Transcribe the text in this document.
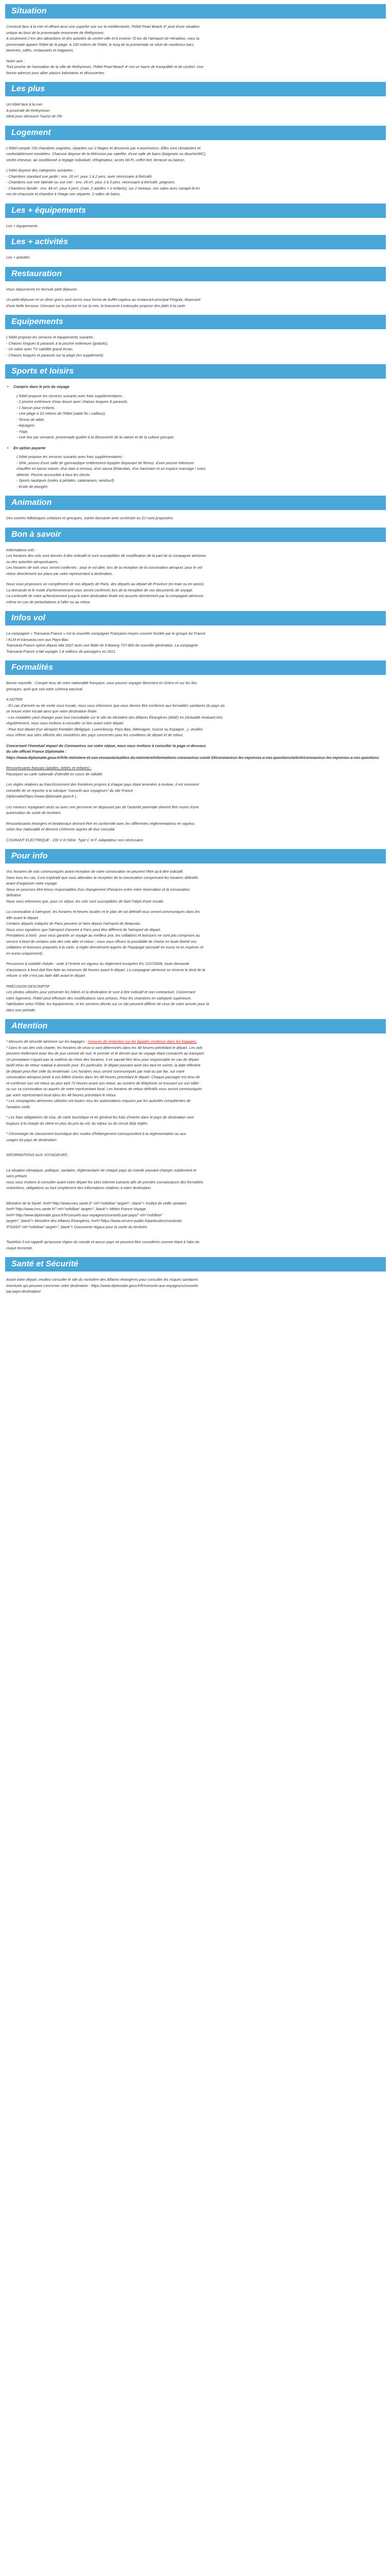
Situation

Construit face à la mer et offrant ainsi une superbe vue sur la méditerranée, l'hôtel Pearl Beach 4* jouit d'une situation
unique au bout de la promenade renommée de Rethymnon.
A seulement 2 km des attractions et des activités du centre-ville et à environ 70 km de l'aéroport de Héraklion, vous la
promenade appare l'hôtel de la plage. A 100 mètres de l'hôtel, le long de la promenade se situe de nombreux bars,
tavernes, cafés, restaurants et magasins.

Notre avis :
Tout proche de l'animation de la ville de Rethymnon, l'hôtel Pearl Beach 4* est un havre de tranquillité et de confort. Une
bonne adresse pour allier plaisirs balnéaires et découvertes.

Les plus

Un hôtel face à la mer
A proximité de Rethymnon
Idéal pour découvrir l'ouest de l'île

Logement

L'hôtel compte 150 chambres soignées, réparties sur 2 étages et desservis par 4 ascenseurs. Elles sont climatisées et
confortablement meublées. Chacune dispose de la télévision par satellite, d'une salle de bains (baignoire ou douche/WC),
sèche-cheveux, air conditionné à réglage individuel, réfrigérateur, accès Wi-Fi, coffre-fort, terrasse ou balcon.

L'hôtel dispose des catégories suivantes :
- Chambres standard vue jardin : env. 26 m², pour 1 à 2 pers. avec nécessaire à thé/café.
- Chambres vue mer latérale ou vue mer : env. 26 m², pour 2 à 3 pers. nécessaire à thé/café, peignoirs.
- Chambres famille : env. 48 m², pour 4 pers. (max. 2 adultes + 2 enfants), sur 2 niveaux, son salon avec canapé-lit en
rez-de-chaussée et chambre à l'étage non séparée, 2 salles de bains.

Les + équipements

Les + équipements

Les + activités

Les + activités

Restauration

Vous séjournerez en formule petit déjeuner.

Un petit-déjeuner et un dîner grecs sont servis sous forme de buffet copieux au restaurant principal Pergola, disposant
d'une belle terrasse. Donnant sur la piscine et sur la mer, la brasserie Leukosyke propose des plats à la carte.

Equipements

L'hôtel propose les services et équipements suivants :
- Chaises longues & parasols à la piscine extérieure (gratuits),
- Un salon avec TV satellite grand écran,
- Chaises longues et parasols sur la plage (en supplément).

Sports et loisirs
• Compris dans le prix du voyage

L'hôtel propose les services suivants avec frais supplémentaires :
- 1 piscine extérieure d'eau douce avec chaises longues & parasols,
- 1 bassin pour enfants,
- Une plage à 10 mètres de l'hôtel (sable fin / cailloux),
- Tennis de table,
- Aquagym,
- Yoga,
- Une fois par semaine, promenade guidée à la découverte de la nature et de la culture grecque.

• En option payante

L'hôtel propose les services suivants avec frais supplémentaires :
- SPA, pourvu d'une salle de gymnastique entièrement équipée disposant de fitness, d'une piscine intérieure
chauffée en basse saison, d'un bain à remous, d'un sauna (finlandais, d'un hammam et un espace massage / soins
détente. Piscine accessible à tous les clients.
- Sports nautiques (voiles à pédales, catamarans, windsurf).
- Ecole de plongée.

Animation

Des soirées folkloriques crétoises et grecques, soirée dansante avec orchestre ou DJ sont proposées.

Bon à savoir

Informations vols :
Les horaires des vols sont donnés à titre indicatif et sont susceptibles de modification de la part de la compagnie aérienne
ou des autorités aéroportuaires.
Les horaires de vols vous seront confirmés : pour le vol aller, lors de la réception de la convocation aéroport, pour le vol
retour directement sur place par votre représentant à destination.

Nous vous proposons un complément de nos départs de Paris, des départs au départ de Province (en train ou en avion).
La demande et le mode d'acheminement vous seront confirmés lors de la réception de vos documents de voyage.
La continuité de votre acheminement jusqu'à votre destination finale est assurée directement par la compagnie aérienne,
même en cas de perturbations à l'aller ou au retour.

Infos vol

La compagnie « Transavia France » est la nouvelle compagnie Française moyen courrier fondée par le groupe Air France
/ KLM et transavia.com aux Pays-Bas.
Transavia France opère depuis Mai 2007 avec une flotte de 8 Boeing 737-800 de nouvelle génération. La compagnie
Transavia France a fait voyager 1,8 millions de passagers en 2011.

Formalités

Bonne nouvelle : Compte tenu de votre nationalité française, vous pouvez voyager librement en Grèce et sur les îles
grecques, quel que soit votre schéma vaccinal.

A NOTER
- En cas d'arrivée ou de sortie sous escale, nous vous informons que vous devrez être conforme aux formalités sanitaires du pays où
se trouve votre escale ainsi que votre destination finale.
- Les modalités peut changer pour tout consultable sur le site du Ministère des Affaires Étrangères (MAE) en (Actualité évoluant très
régulièrement, nous vous invitons à consulter ce lien avant votre départ.
- Pour tout départ d'un aéroport frontalier (Belgique, Luxembourg, Pays-Bas, Allemagne, Suisse ou Espagne...), veuillez
vous référer aux sites officiels des ministères des pays concernés pour les conditions de départ et de retour.

Concernant l'éventuel impact du Coronavirus sur votre séjour, nous vous invitons à consulter la page ci-dessous
du site officiel France Diplomatie :
https://www.diplomatie.gouv.fr/fr/le-ministere-et-son-reseau/actualites-du-ministere/informations-coronavirus-covid-19/coronavirus-les-reponses-a-vos-questions/article/coronavirus-les-reponses-a-vos-questions

Ressortissants français (adultes, bébés et enfants) :
Passeport ou carte nationale d'identité en cours de validité.

Les règles relatives au franchissement des frontières propres à chaque pays étant amenées à évoluer, il est vivement
conseillé de se reporter à la rubrique "conseils aux voyageurs" du site France
Diplomatie(https://www.diplomatie.gouv.fr ).

Les mineurs voyageant seuls ou avec une personne ne disposant pas de l'autorité parentale doivent être munis d'une
autorisation de sortie de territoire.

Ressortissants étrangers et binationaux devront être en conformité avec les différentes réglementations en vigueur,
selon leur nationalité et devront s'informer auprès de leur consulat.

COURANT ELECTRIQUE : 230 V et 50Hz. Type C et F. Adaptateur non nécessaire.

Pour info

Vos horaires de vols communiqués avant réception de votre convocation ne peuvent l'être qu'à titre indicatif.
Dans tous les cas, il est impératif que vous attendiez la réception de la convocation comprenant les horaires définitifs
avant d'organiser votre voyage.
Nous ne pourrons être tenus responsables d'un changement d'horaires entre votre réservation et la convocation
définitive.
Nous vous informons que, pour ce séjour, les vols sont susceptibles de faire l'objet d'une escale.

La convocation à l'aéroport, les horaires et heures locales et le plan de vol définitif vous seront communiqués dans les
48h avant le départ.
Certains départs indiqués de Paris peuvent se faire depuis l'aéroport de Beauvais.
Nous vous signalons que l'aéroport d'arrivée à Paris peut être différent de l'aéroport de départ.
Prestations à bord : pour vous garantir un voyage au meilleur prix, les collations et boissons ne sont pas comprises au
service à bord de certains vols des vols aller et retour ; nous vous offrons la possibilité de choisir en toute liberté vos
collations et boissons proposés à la carte, à régler directement auprès de l'équipage (accepté en euros et en espèces et
en euros uniquement).

Personnes à mobilité réduite : suite à l'entrée en vigueur du règlement européen EU 1107/2006, toute demande
d'assistance à bord doit être faite au minimum 48 heures avant le départ. La compagnie aérienne se réserve le droit de la
refuser si elle n'est pas faite 48h avant le départ.

PRÉCISION DESCRIPTIF
Les photos utilisées pour présenter les hôtels et la destination le sont à titre indicatif et non contractuel. Concernant
votre logement, l'hôtel peut effectuer des modifications sans préavis. Pour les chambres en catégorie supérieure,
l'attribution selon l'hôtel, les équipements, et les services décrits sur ce site peuvent différer de ceux de votre arrivée pour la
dans une période.

Attention

* Mesures de sécurité aérienne sur les bagages : mesures de restriction sur les liquides contenus dans les bagages.
* Dans le cas des vols charter, les horaires de ceux-ci sont déterminés dans les 48 heures précédant le départ. Les vols
peuvent réellement avoir lieu de jour comme de nuit, le premier et le dernier jour du voyage étant consacrés au transport.
Un prestataire n'ayant pas la maîtrise du choix des horaires, il ne saurait être tenu pour responsable en cas de départ
tardif et/ou de retour matinal à domicile pour. En particulier, le départ pouvant avoir lieu tard en soirée, la date effective
de départ peut être celle du lendemain. Les horaires vous seront communiqués par mail ou par fax, sur votre
convocation aéroport jointe à vos billets d'avion dans les 48 heures précédant le départ. Chaque passager est tenu de
re-confirmer son vol retour au plus tard 72 heures avant son retour, au numéro de téléphone se trouvant sur son billet
ou sur sa convocation ou auprès de votre représentant local. Les horaires de retour définitifs vous seront communiqués
par votre représentant local dans les 48 heures précédant le retour.
* Les compagnies aériennes utilisées ont toutes reçu les autorisations requises par les autorités compétentes de
l'aviation civile.

* Les frais obligatoires de visa, de carte touristique et en général les frais d'entrée dans le pays de destination sont
toujours à la charge du client en plus du prix du vol, du séjour ou du circuit déjà réglés.

* Chronologie de classement touristique des modes d'hébergement correspondent à la réglementation ou aux
usages du pays de destination.

INFORMATIONS AUX VOYAGEURS :

La situation climatique, politique, sanitaire, réglementaire de chaque pays du monde pouvant changer subitement et
sans préavis
nous vous invitons à consulter avant votre départ les sites Internet suivants afin de prendre connaissance des formalités
restrictions, obligations ou tout simplement des informations relatives à votre destination.

Ministère de la Santé: href="http://www.mes.sante.fr" rel="nofollow" target="_blank"> Institut de veille sanitaire,
href="http://www.invs.sante.fr/" rel="nofollow" target="_blank"> Météo France Voyage,
href="http://www.diplomatie.gouv.fr/fr/conseils-aux-voyageurs/conseils-par-pays/" rel="nofollow"
target="_blank"> Ministère des Affaires Etrangères, href="https://www.service-public.fr/particuliers/vosdroits
/F32653" rel="nofollow" target="_blank"> Documents légaux pour la sortie du territoire.

Toutefois il est rappelé qu'aucune région du monde et aucun pays ne peuvent être considérés comme étant à l'abri du
risque terroriste.

Santé et Sécurité

Avant votre départ, veuillez consulter le site du ministère des Affaires étrangères pour consulter les risques sanitaires
éventuels qui peuvent concerner votre destination : https://www.diplomatie.gouv.fr/fr/conseils-aux-voyageurs/conseils-
par-pays-destination/
